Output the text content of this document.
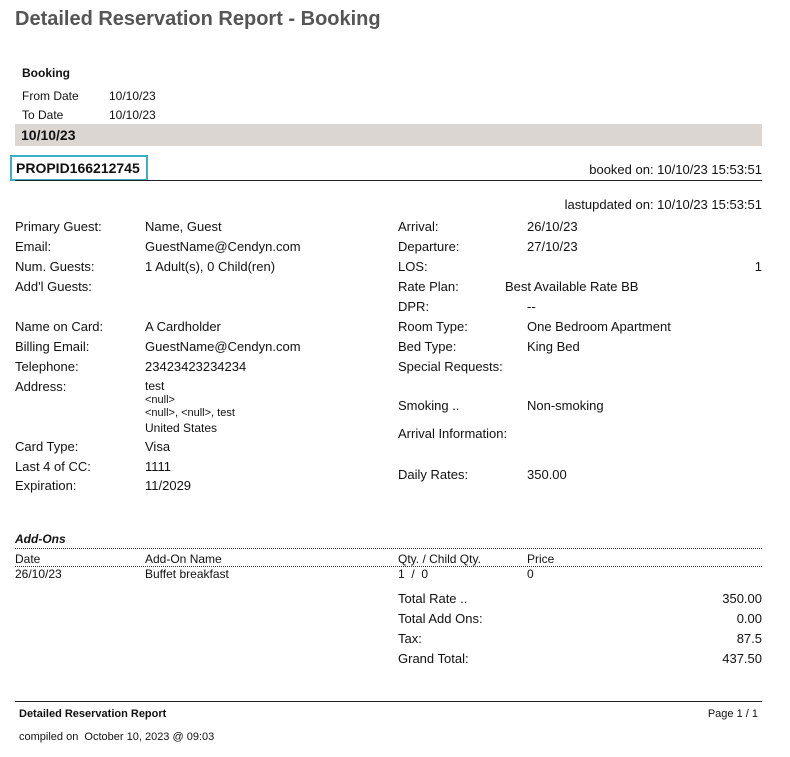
Detailed Reservation Report - Booking
Booking
From Date	10/10/23
To Date	10/10/23
10/10/23
PROPID166212745	booked on: 10/10/23 15:53:51
lastupdated on: 10/10/23 15:53:51
Primary Guest:	Name, Guest
Email:	GuestName@Cendyn.com
Num. Guests:	1 Adult(s), 0 Child(ren)
Add'l Guests:
Name on Card:	A Cardholder
Billing Email:	GuestName@Cendyn.com
Telephone:	23423423234234
Address:	test
<null>
<null>, <null>, test
United States
Card Type:	Visa
Last 4 of CC:	1111
Expiration:	11/2029
Arrival:	26/10/23
Departure:	27/10/23
LOS:	1
Rate Plan:	Best Available Rate BB
DPR:	--
Room Type:	One Bedroom Apartment
Bed Type:	King Bed
Special Requests:
Smoking ..	Non-smoking
Arrival Information:
Daily Rates:	350.00
Add-Ons
Date	Add-On Name	Qty. / Child Qty.	Price
26/10/23	Buffet breakfast	1  /  0	0
Total Rate ..	350.00
Total Add Ons:	0.00
Tax:	87.5
Grand Total:	437.50
Detailed Reservation Report	Page 1 / 1
compiled on  October 10, 2023 @ 09:03
